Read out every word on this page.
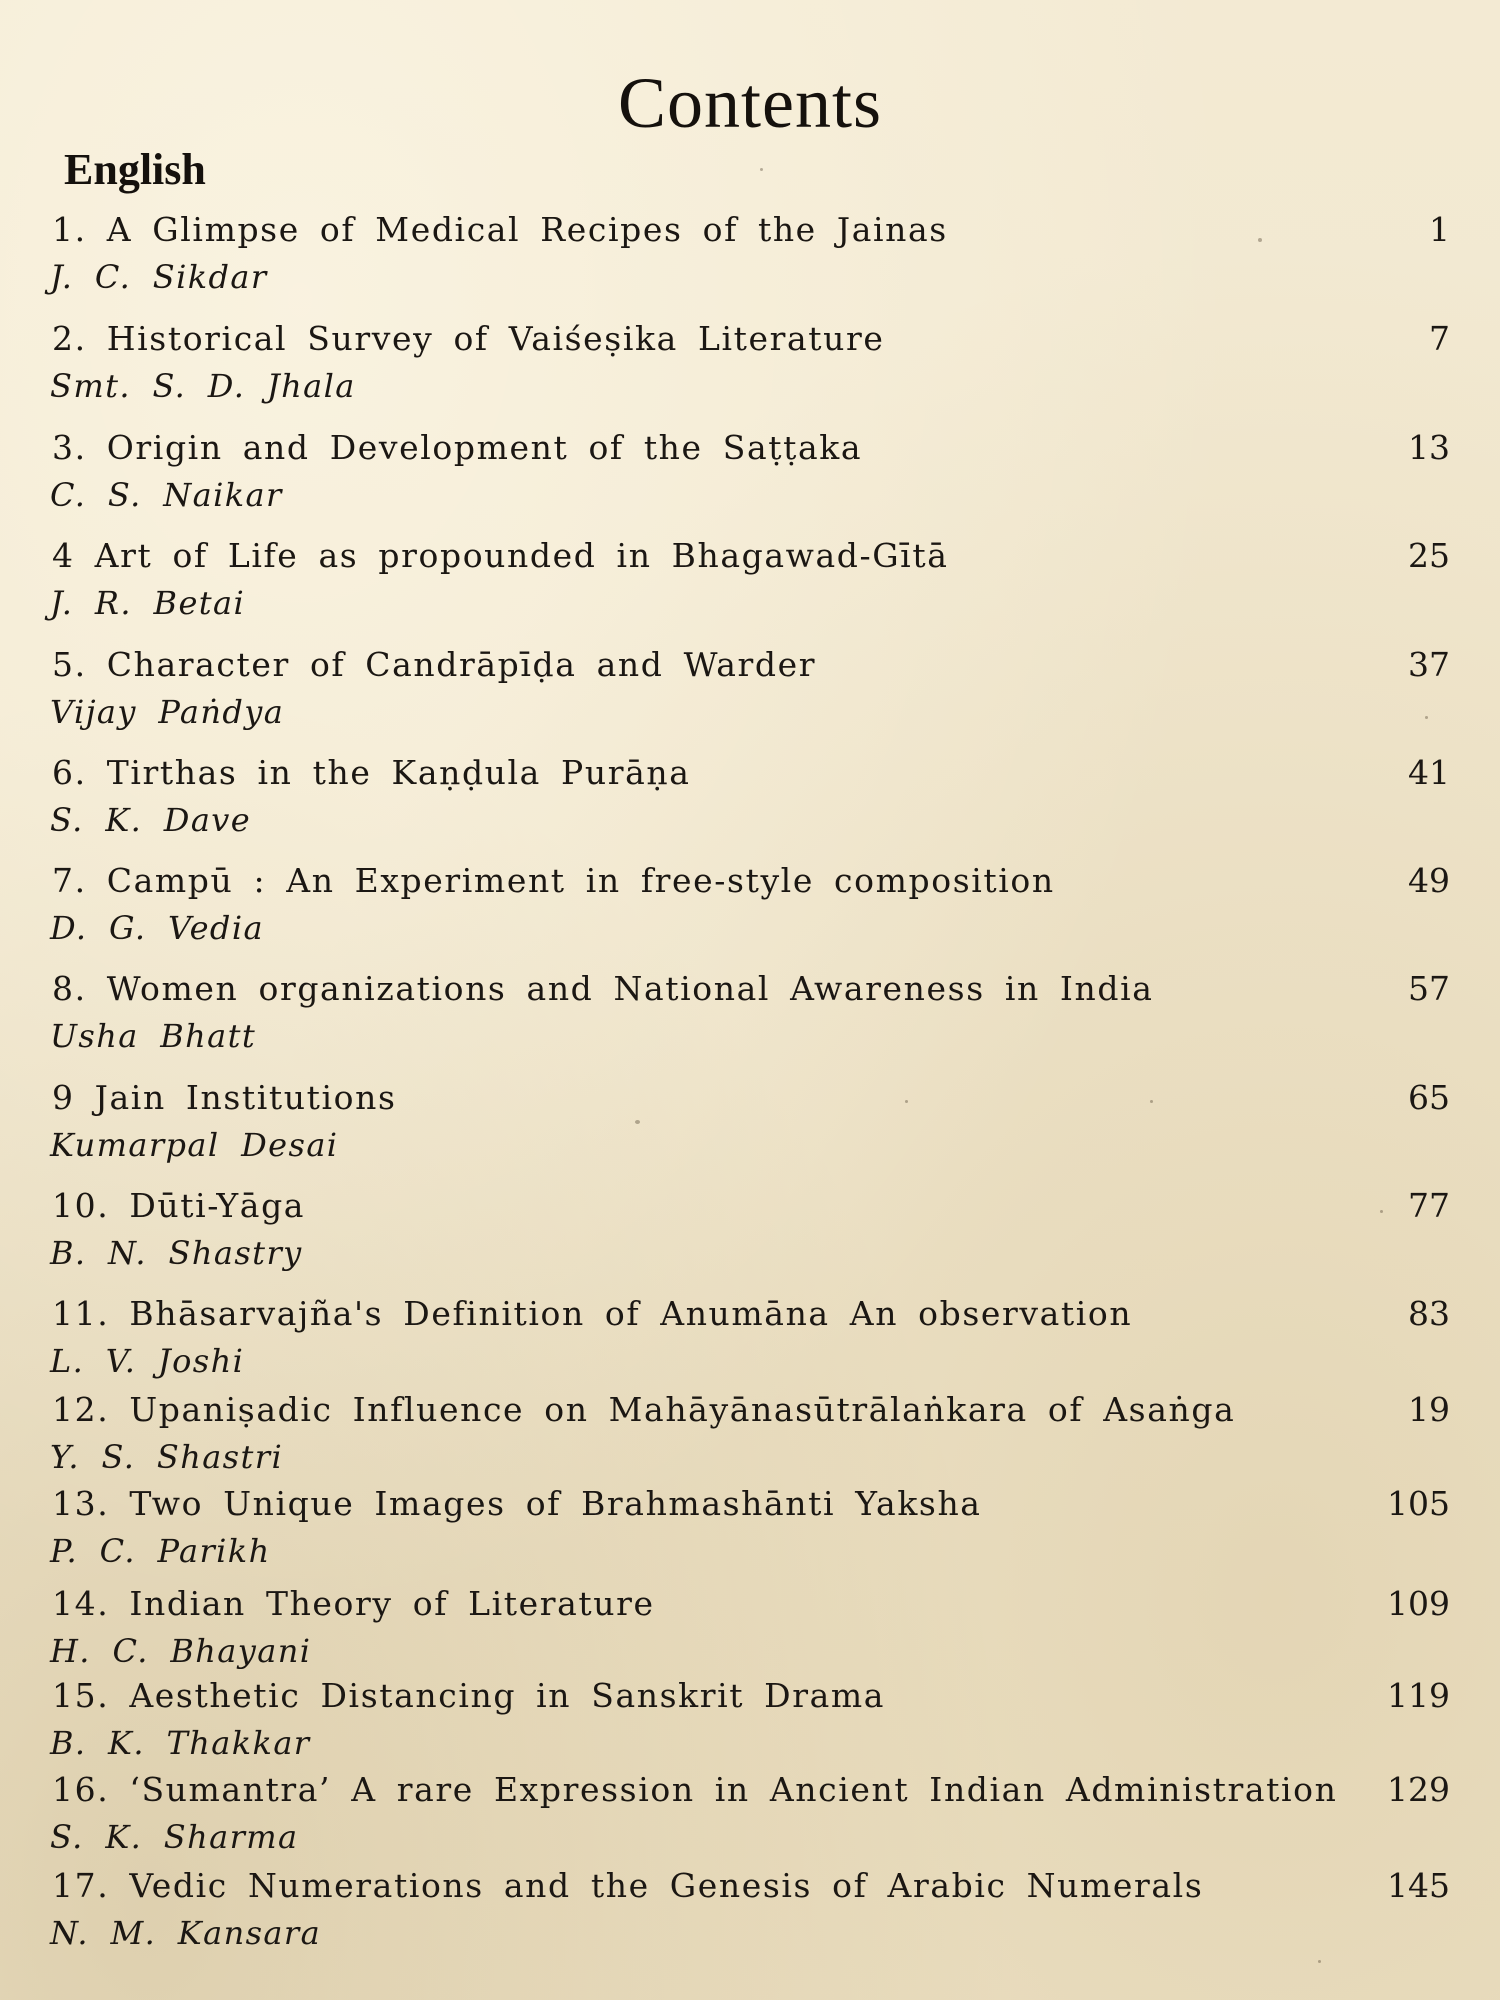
Contents
English
1. A Glimpse of Medical Recipes of the Jainas	1
J. C. Sikdar
2. Historical Survey of Vaiśeṣika Literature	7
Smt. S. D. Jhala
3. Origin and Development of the Saṭṭaka	13
C. S. Naikar
4 Art of Life as propounded in Bhagawad-Gītā	25
J. R. Betai
5. Character of Candrāpīḍa and Warder	37
Vijay Paṅdya
6. Tirthas in the Kaṇḍula Purāṇa	41
S. K. Dave
7. Campū : An Experiment in free-style composition	49
D. G. Vedia
8. Women organizations and National Awareness in India	57
Usha Bhatt
9 Jain Institutions	65
Kumarpal Desai
10. Dūti-Yāga	77
B. N. Shastry
11. Bhāsarvajña's Definition of Anumāna An observation	83
L. V. Joshi
12. Upaniṣadic Influence on Mahāyānasūtrālaṅkara of Asaṅga	19
Y. S. Shastri
13. Two Unique Images of Brahmashānti Yaksha	105
P. C. Parikh
14. Indian Theory of Literature	109
H. C. Bhayani
15. Aesthetic Distancing in Sanskrit Drama	119
B. K. Thakkar
16. ‘Sumantra’ A rare Expression in Ancient Indian Administration 129
S. K. Sharma
17. Vedic Numerations and the Genesis of Arabic Numerals	145
N. M. Kansara
